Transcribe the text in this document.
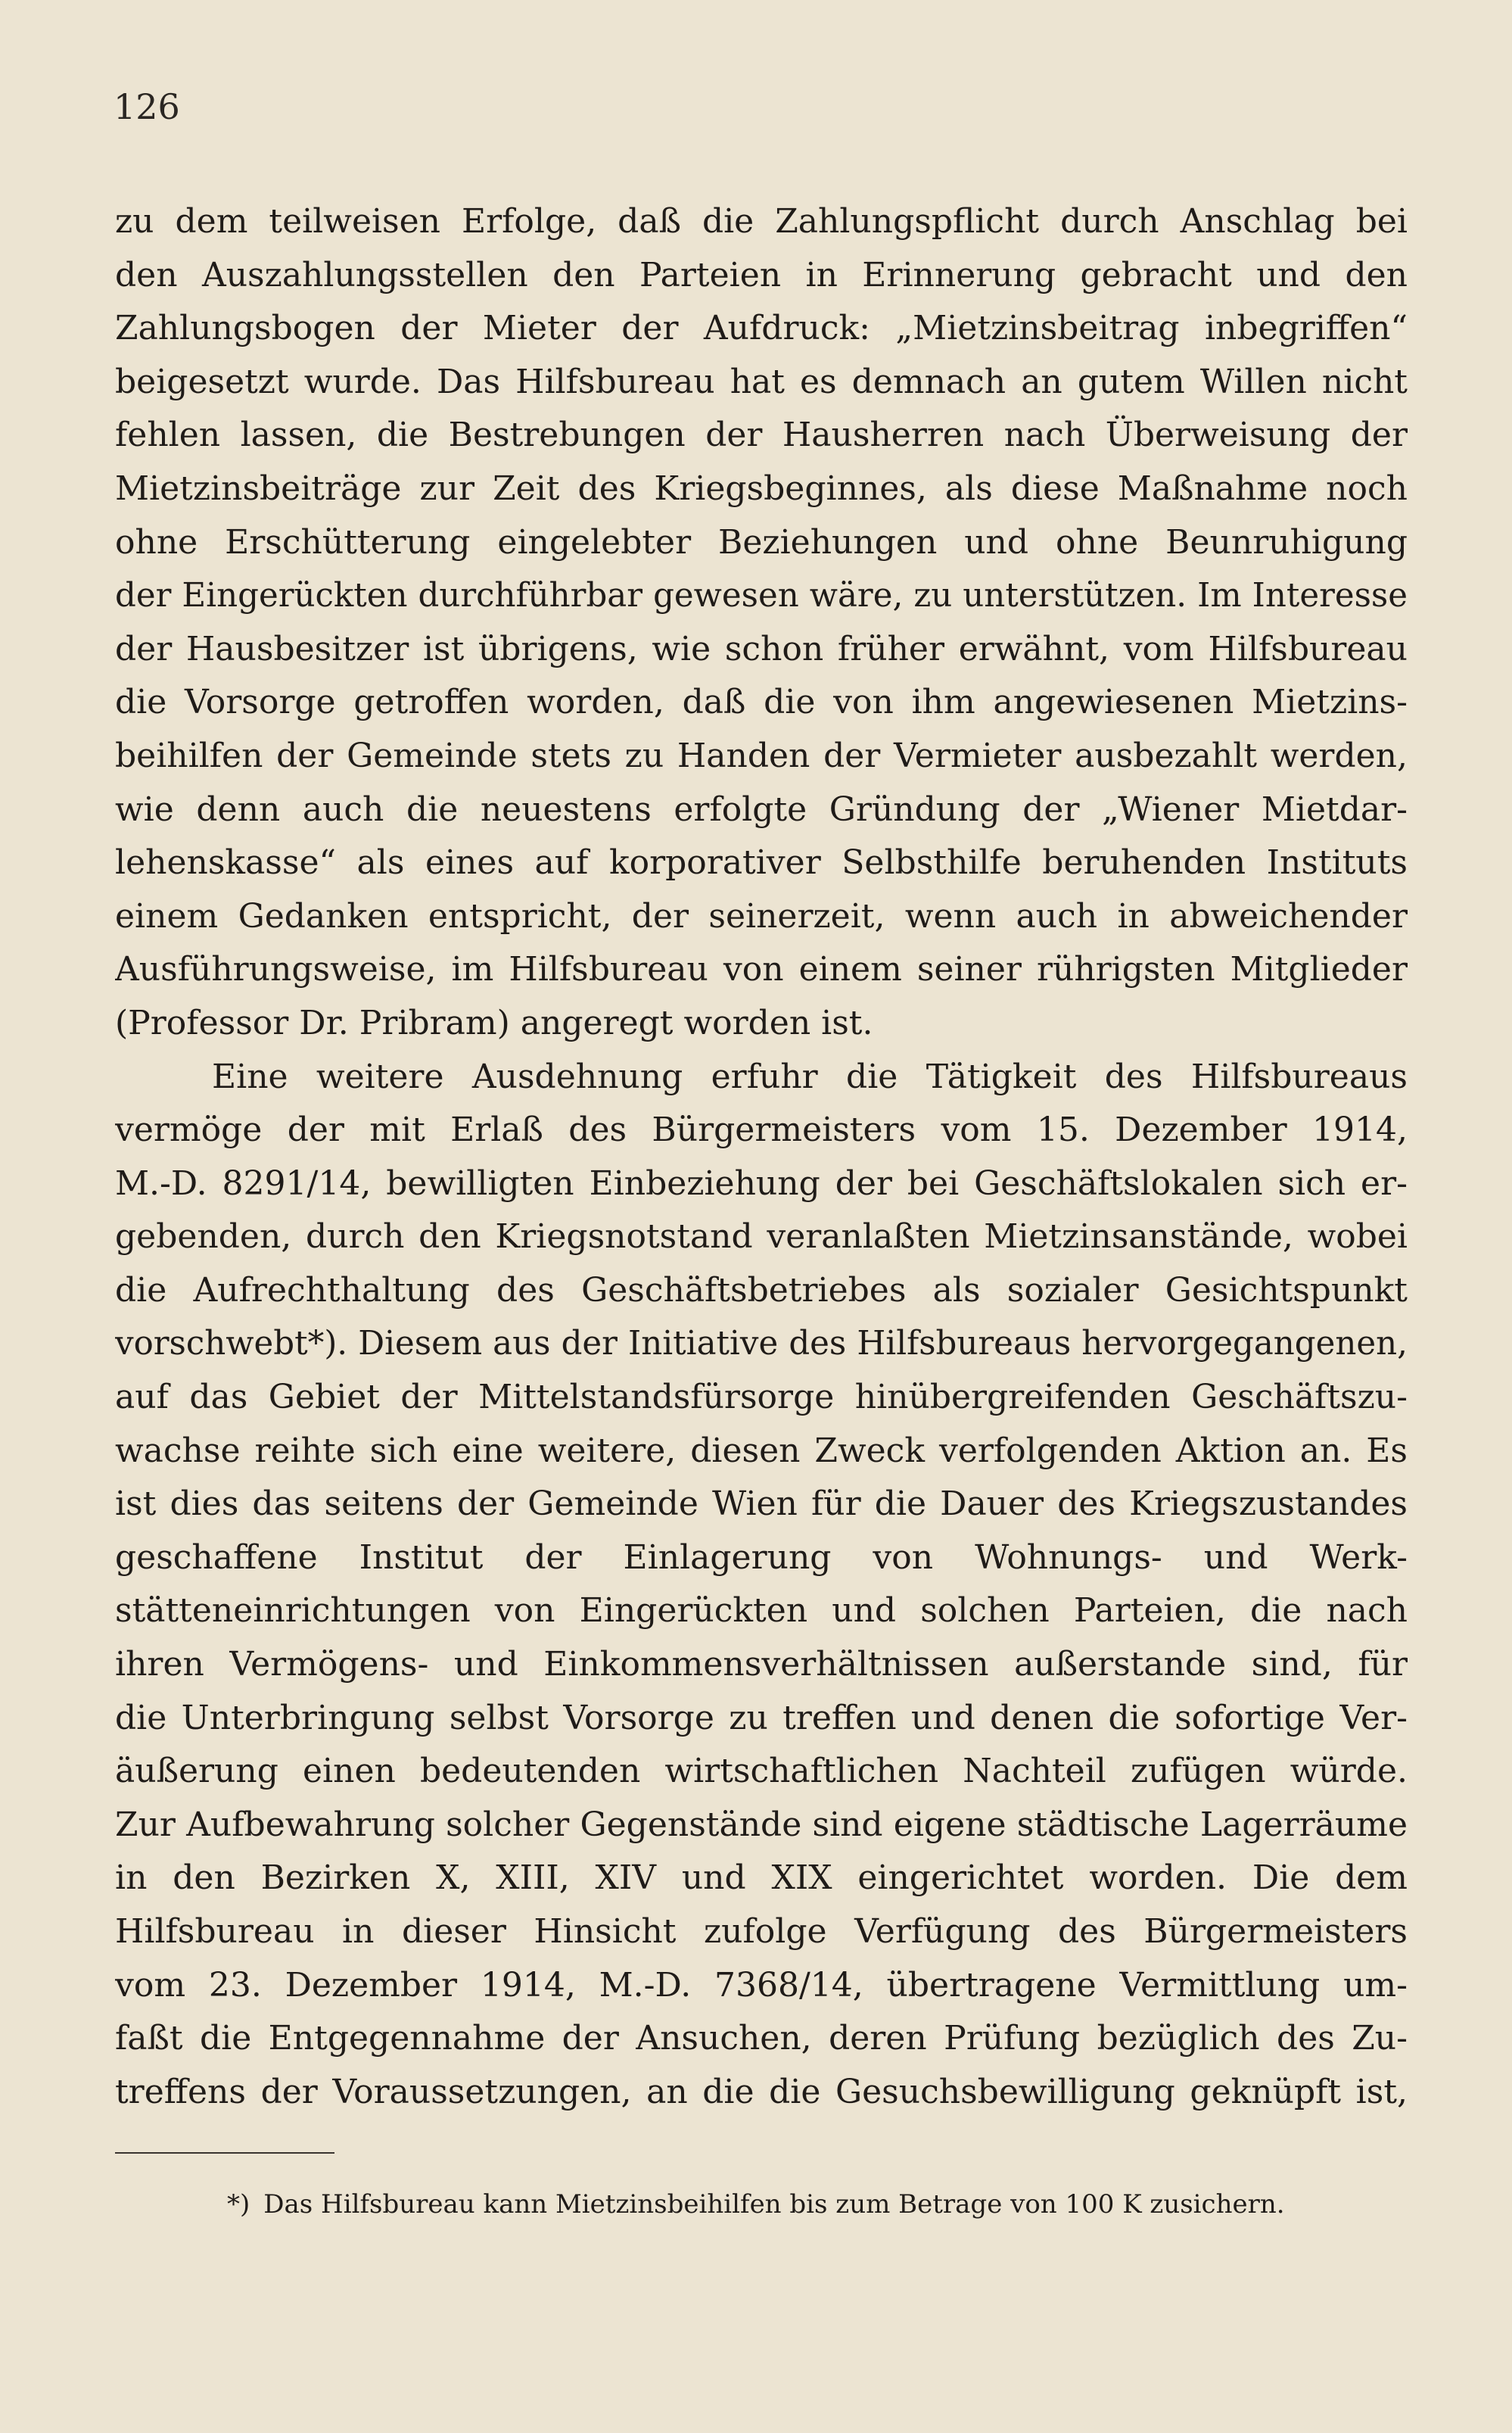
126
zu dem teilweisen Erfolge, daß die Zahlungspflicht durch Anschlag bei
den Auszahlungsstellen den Parteien in Erinnerung gebracht und den
Zahlungsbogen der Mieter der Aufdruck: „Mietzinsbeitrag inbegriffen“
beigesetzt wurde. Das Hilfsbureau hat es demnach an gutem Willen nicht
fehlen lassen, die Bestrebungen der Hausherren nach Überweisung der
Mietzinsbeiträge zur Zeit des Kriegsbeginnes, als diese Maßnahme noch
ohne Erschütterung eingelebter Beziehungen und ohne Beunruhigung
der Eingerückten durchführbar gewesen wäre, zu unterstützen. Im Interesse
der Hausbesitzer ist übrigens, wie schon früher erwähnt, vom Hilfsbureau
die Vorsorge getroffen worden, daß die von ihm angewiesenen Mietzins-
beihilfen der Gemeinde stets zu Handen der Vermieter ausbezahlt werden,
wie denn auch die neuestens erfolgte Gründung der „Wiener Mietdar-
lehenskasse“ als eines auf korporativer Selbsthilfe beruhenden Instituts
einem Gedanken entspricht, der seinerzeit, wenn auch in abweichender
Ausführungsweise, im Hilfsbureau von einem seiner rührigsten Mitglieder
(Professor Dr. Pribram) angeregt worden ist.
Eine weitere Ausdehnung erfuhr die Tätigkeit des Hilfsbureaus
vermöge der mit Erlaß des Bürgermeisters vom 15. Dezember 1914,
M.-D. 8291/14, bewilligten Einbeziehung der bei Geschäftslokalen sich er-
gebenden, durch den Kriegsnotstand veranlaßten Mietzinsanstände, wobei
die Aufrechthaltung des Geschäftsbetriebes als sozialer Gesichtspunkt
vorschwebt*). Diesem aus der Initiative des Hilfsbureaus hervorgegangenen,
auf das Gebiet der Mittelstandsfürsorge hinübergreifenden Geschäftszu-
wachse reihte sich eine weitere, diesen Zweck verfolgenden Aktion an. Es
ist dies das seitens der Gemeinde Wien für die Dauer des Kriegszustandes
geschaffene Institut der Einlagerung von Wohnungs- und Werk-
stätteneinrichtungen von Eingerückten und solchen Parteien, die nach
ihren Vermögens- und Einkommensverhältnissen außerstande sind, für
die Unterbringung selbst Vorsorge zu treffen und denen die sofortige Ver-
äußerung einen bedeutenden wirtschaftlichen Nachteil zufügen würde.
Zur Aufbewahrung solcher Gegenstände sind eigene städtische Lagerräume
in den Bezirken X, XIII, XIV und XIX eingerichtet worden. Die dem
Hilfsbureau in dieser Hinsicht zufolge Verfügung des Bürgermeisters
vom 23. Dezember 1914, M.-D. 7368/14, übertragene Vermittlung um-
faßt die Entgegennahme der Ansuchen, deren Prüfung bezüglich des Zu-
treffens der Voraussetzungen, an die die Gesuchsbewilligung geknüpft ist,
*) Das Hilfsbureau kann Mietzinsbeihilfen bis zum Betrage von 100 K zusichern.
